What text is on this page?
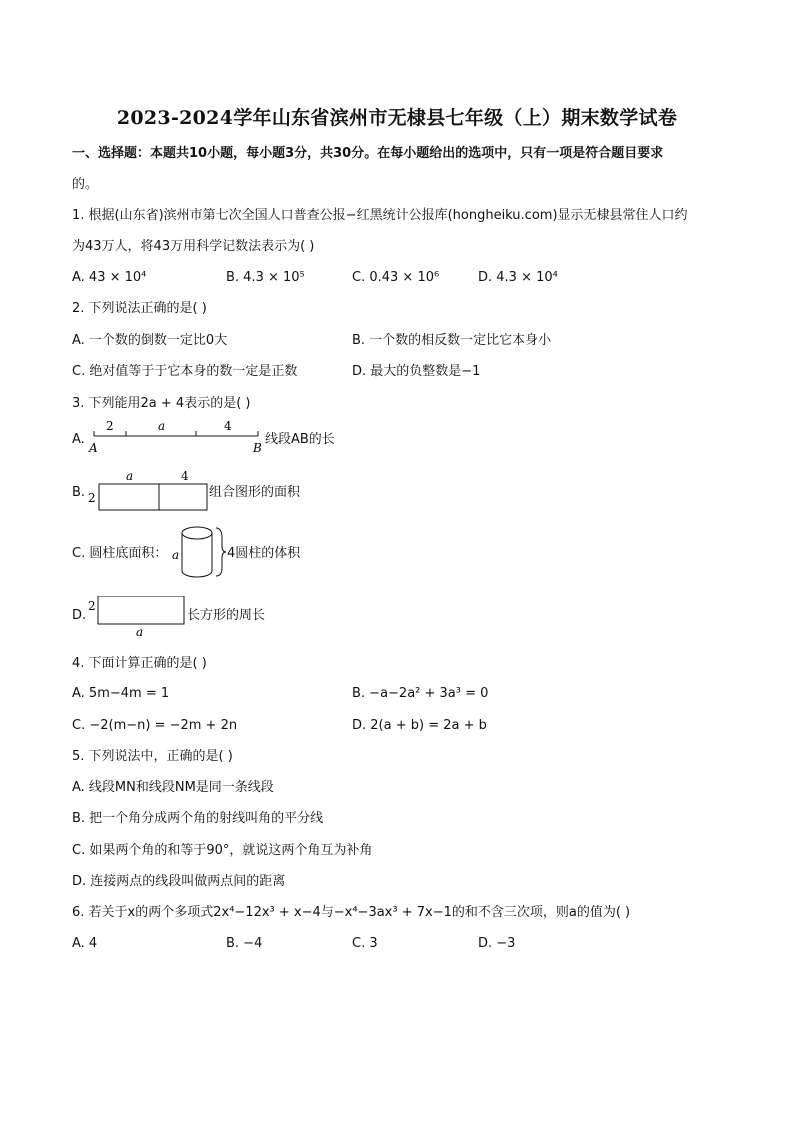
2023-2024学年山东省滨州市无棣县七年级（上）期末数学试卷
一、选择题：本题共10小题，每小题3分，共30分。在每小题给出的选项中，只有一项是符合题目要求
的。
1. 根据(山东省)滨州市第七次全国人口普查公报−红黑统计公报库(hongheiku.com)显示无棣县常住人口约
为43万人，将43万用科学记数法表示为( )
A. 43 × 10⁴	B. 4.3 × 10⁵	C. 0.43 × 10⁶	D. 4.3 × 10⁴
2. 下列说法正确的是( )
A. 一个数的倒数一定比0大	B. 一个数的相反数一定比它本身小
C. 绝对值等于于它本身的数一定是正数	D. 最大的负整数是−1
3. 下列能用2a + 4表示的是( )
A.
2	a	4
A	B
线段AB的长
B.
a	4
2	组合图形的面积
C. 圆柱底面积： a	4圆柱的体积
D.
2
a
长方形的周长
4. 下面计算正确的是( )
A. 5m−4m = 1	B. −a−2a² + 3a³ = 0
C. −2(m−n) = −2m + 2n	D. 2(a + b) = 2a + b
5. 下列说法中，正确的是( )
A. 线段MN和线段NM是同一条线段
B. 把一个角分成两个角的射线叫角的平分线
C. 如果两个角的和等于90°，就说这两个角互为补角
D. 连接两点的线段叫做两点间的距离
6. 若关于x的两个多项式2x⁴−12x³ + x−4与−x⁴−3ax³ + 7x−1的和不含三次项，则a的值为( )
A. 4	B. −4	C. 3	D. −3
